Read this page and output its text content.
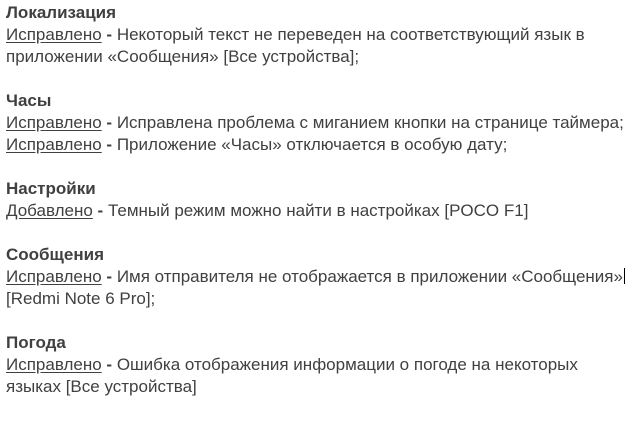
Локализация

Исправлено - Некоторый текст не переведен на соответствующий язык в приложении «Сообщения» [Все устройства];

Часы

Исправлено - Исправлена проблема с миганием кнопки на странице таймера;

Исправлено - Приложение «Часы» отключается в особую дату;

Настройки

Добавлено - Темный режим можно найти в настройках [POCO F1]

Сообщения

Исправлено - Имя отправителя не отображается в приложении «Сообщения» [Redmi Note 6 Pro];

Погода

Исправлено - Ошибка отображения информации о погоде на некоторых языках [Все устройства]
